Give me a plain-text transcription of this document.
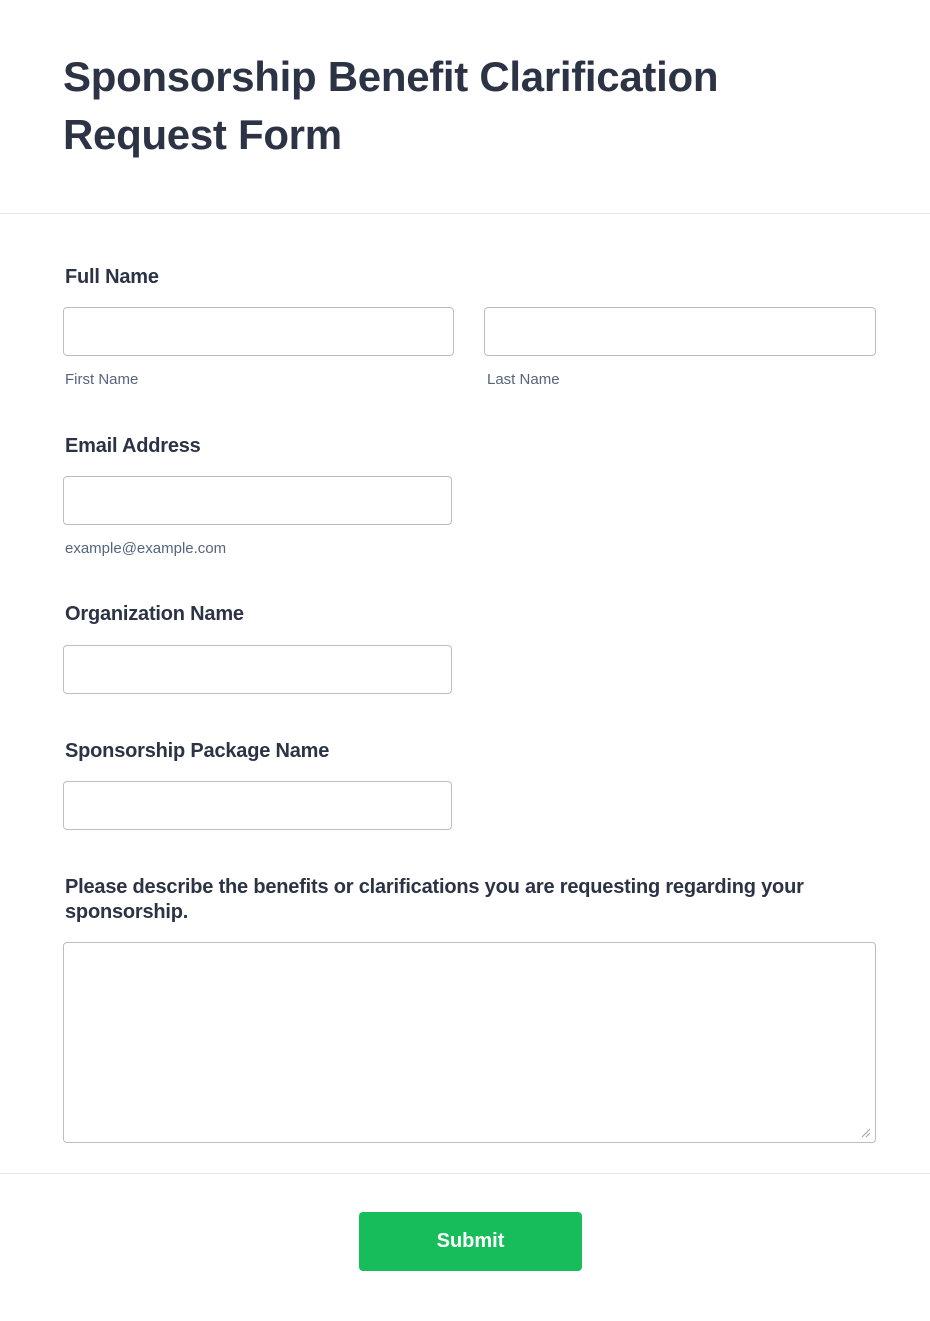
Sponsorship Benefit Clarification Request Form
Full Name
First Name	Last Name
Email Address
example@example.com
Organization Name
Sponsorship Package Name
Please describe the benefits or clarifications you are requesting regarding your sponsorship.
Submit
